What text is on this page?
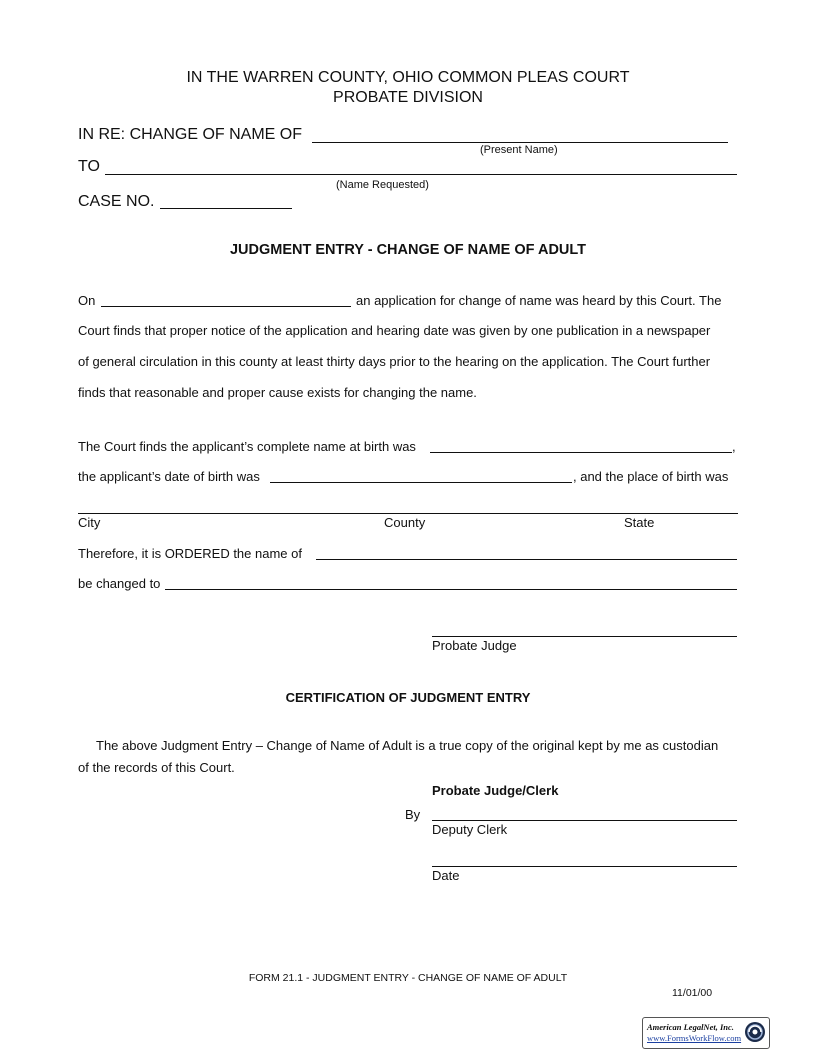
IN THE WARREN COUNTY, OHIO COMMON PLEAS COURT
PROBATE DIVISION
IN RE: CHANGE OF NAME OF
(Present Name)
TO
(Name Requested)
CASE NO.
JUDGMENT ENTRY - CHANGE OF NAME OF ADULT
On	an application for change of name was heard by this Court. The
Court finds that proper notice of the application and hearing date was given by one publication in a newspaper
of general circulation in this county at least thirty days prior to the hearing on the application. The Court further
finds that reasonable and proper cause exists for changing the name.
The Court finds the applicant’s complete name at birth was	,
the applicant’s date of birth was	, and the place of birth was
City	County	State
Therefore, it is ORDERED the name of
be changed to
Probate Judge
CERTIFICATION OF JUDGMENT ENTRY
The above Judgment Entry – Change of Name of Adult is a true copy of the original kept by me as custodian
of the records of this Court.
Probate Judge/Clerk
By
Deputy Clerk
Date
FORM 21.1 - JUDGMENT ENTRY - CHANGE OF NAME OF ADULT
11/01/00
American LegalNet, Inc.
www.FormsWorkFlow.com
